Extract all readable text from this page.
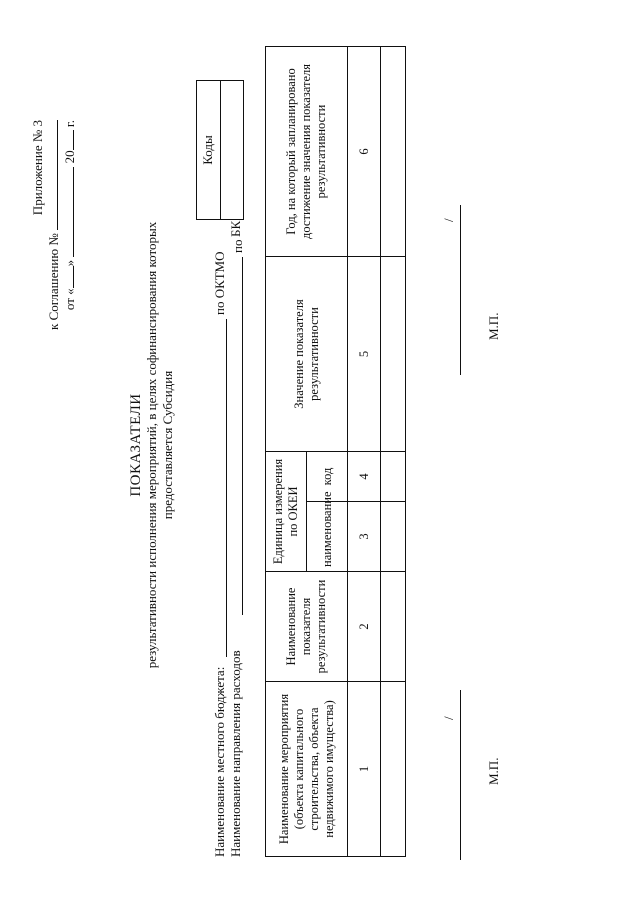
Приложение № 3
к Соглашению № от «»  20 г.
ПОКАЗАТЕЛИ результативности исполнения мероприятий, в целях софинансирования которых предоставляется Субсидия
Коды

Наименование местного бюджета:
по ОКТМО
Наименование направления расходов
по
БК
Наименование мероприятия (объекта капитального строительства, объекта недвижимого имущества)	Наименование показателя результативности	Единица измерения по ОКЕИ		Значение показателя результативности	Год, на который запланировано достижение значения показателя результативности
		наименование	код		
1	2	3	4	5	6

/
М.П.
/
М.П.
